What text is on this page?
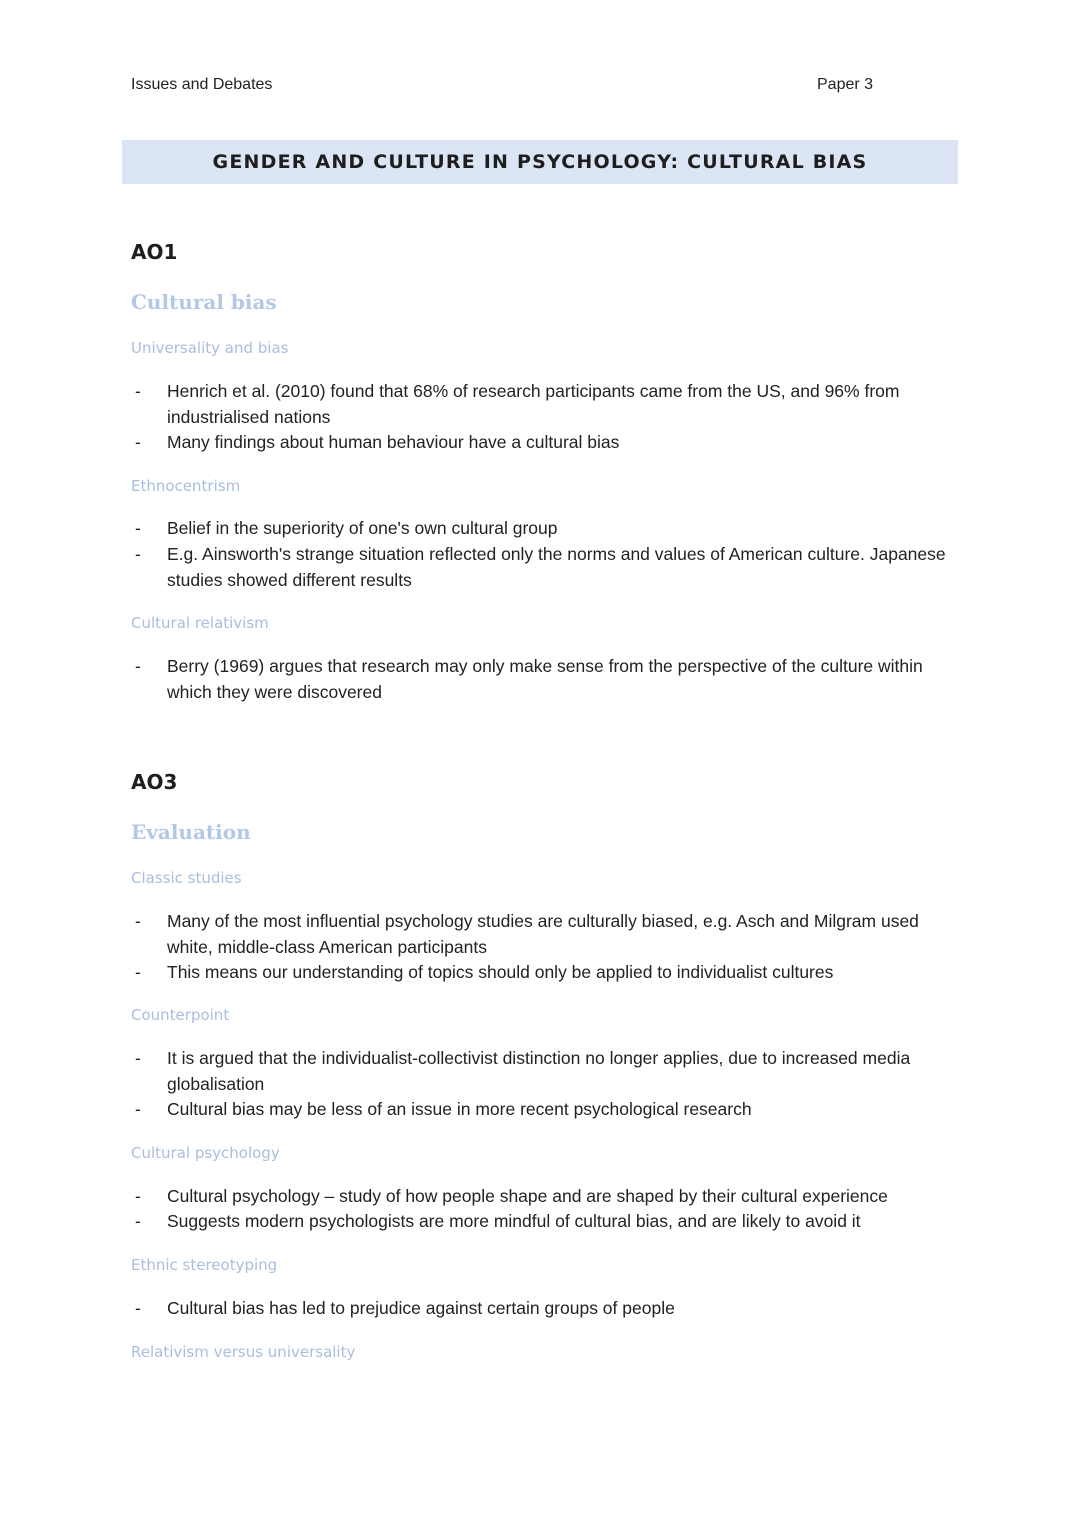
Issues and Debates	Paper 3
GENDER AND CULTURE IN PSYCHOLOGY: CULTURAL BIAS
AO1
Cultural bias
Universality and bias
- Henrich et al. (2010) found that 68% of research participants came from the US, and 96% from industrialised nations
- Many findings about human behaviour have a cultural bias
Ethnocentrism
- Belief in the superiority of one's own cultural group
- E.g. Ainsworth's strange situation reflected only the norms and values of American culture. Japanese studies showed different results
Cultural relativism
- Berry (1969) argues that research may only make sense from the perspective of the culture within which they were discovered
AO3
Evaluation
Classic studies
- Many of the most influential psychology studies are culturally biased, e.g. Asch and Milgram used white, middle-class American participants
- This means our understanding of topics should only be applied to individualist cultures
Counterpoint
- It is argued that the individualist-collectivist distinction no longer applies, due to increased media globalisation
- Cultural bias may be less of an issue in more recent psychological research
Cultural psychology
- Cultural psychology – study of how people shape and are shaped by their cultural experience
- Suggests modern psychologists are more mindful of cultural bias, and are likely to avoid it
Ethnic stereotyping
- Cultural bias has led to prejudice against certain groups of people
Relativism versus universality
